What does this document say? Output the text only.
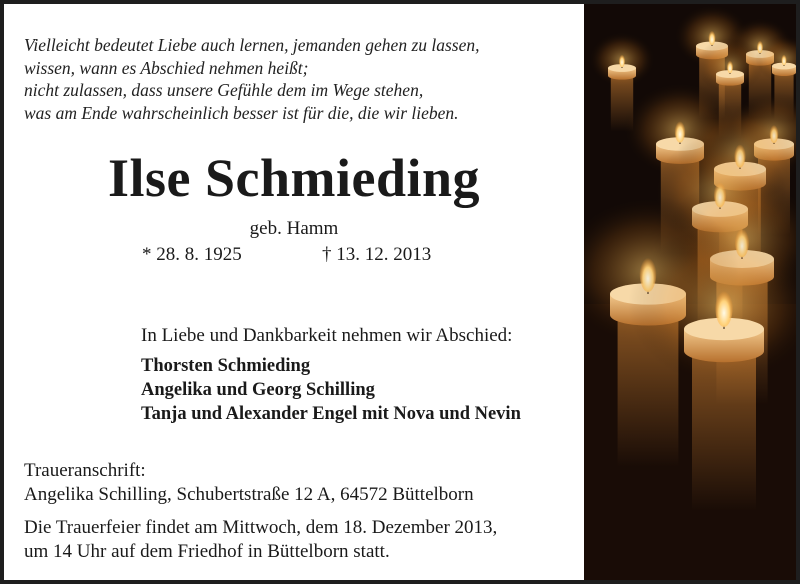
Vielleicht bedeutet Liebe auch lernen, jemanden gehen zu lassen,
wissen, wann es Abschied nehmen heißt;
nicht zulassen, dass unsere Gefühle dem im Wege stehen,
was am Ende wahrscheinlich besser ist für die, die wir lieben.
Ilse Schmieding
geb. Hamm
* 28. 8. 1925	† 13. 12. 2013
In Liebe und Dankbarkeit nehmen wir Abschied:
Thorsten Schmieding
Angelika und Georg Schilling
Tanja und Alexander Engel mit Nova und Nevin
Traueranschrift:
Angelika Schilling, Schubertstraße 12 A, 64572 Büttelborn
Die Trauerfeier findet am Mittwoch, dem 18. Dezember 2013,
um 14 Uhr auf dem Friedhof in Büttelborn statt.
